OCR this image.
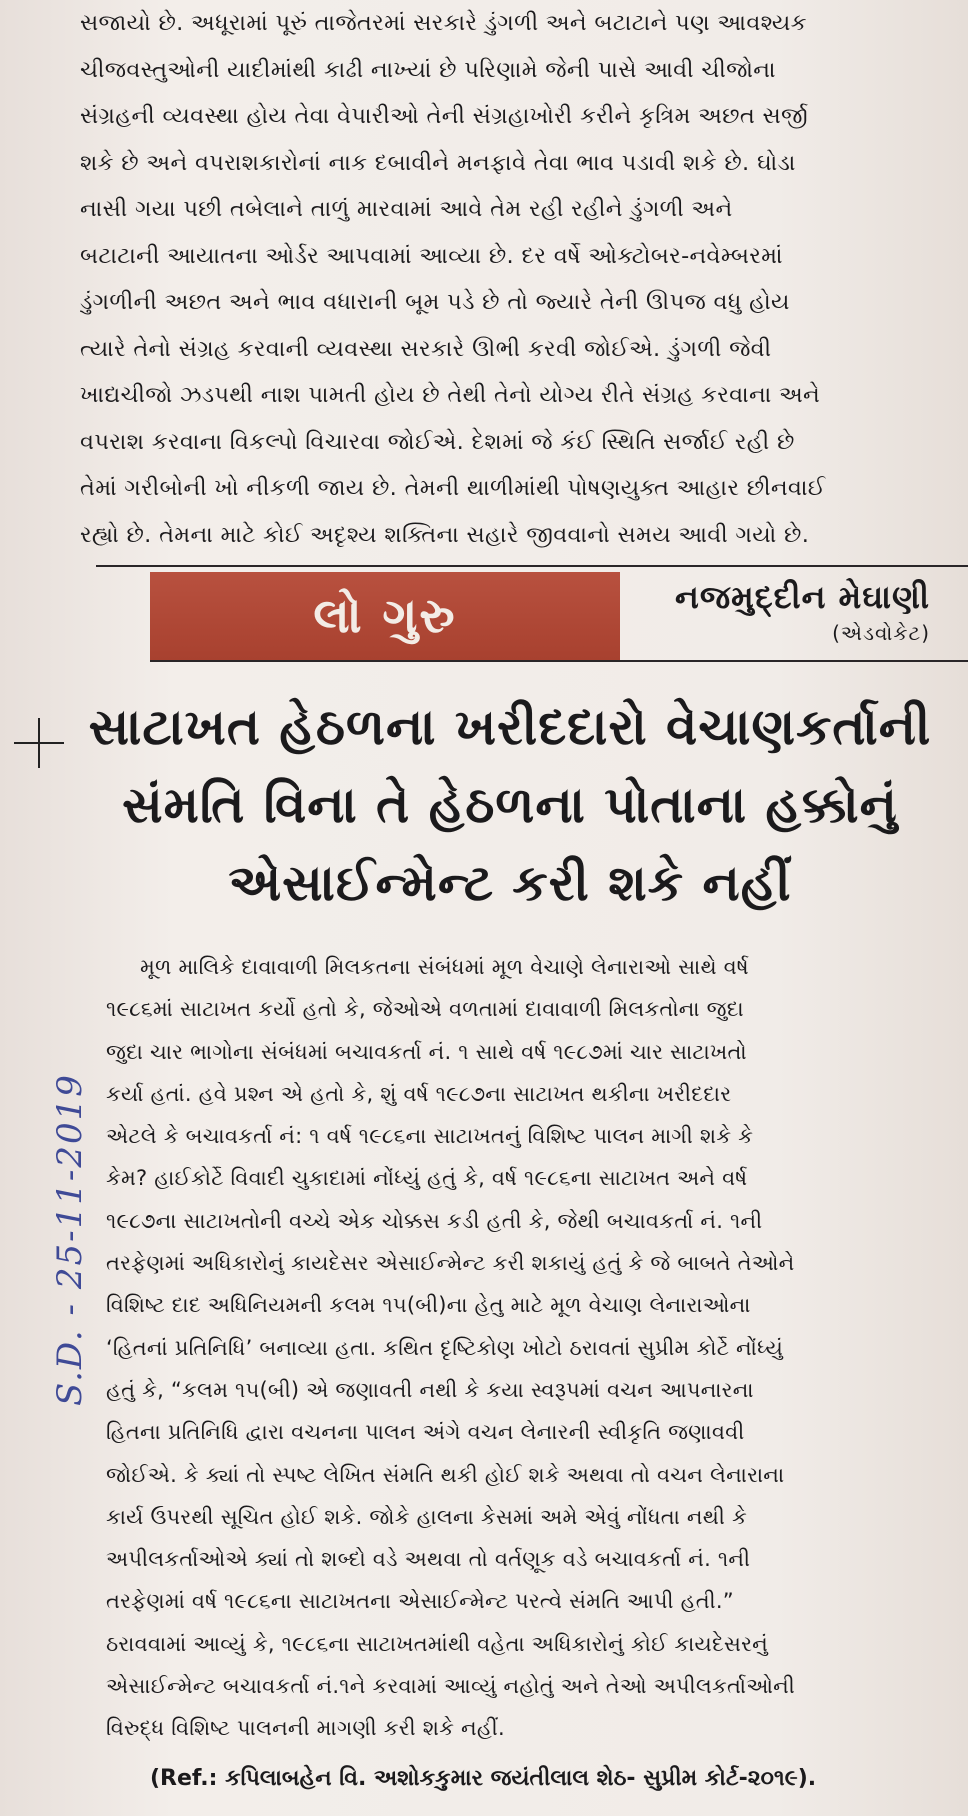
સજાયો છે. અધૂરામાં પૂરું તાજેતરમાં સરકારે ડુંગળી અને બટાટાને પણ આવશ્યક
ચીજવસ્તુઓની યાદીમાંથી કાઢી નાખ્યાં છે પરિણામે જેની પાસે આવી ચીજોના
સંગ્રહની વ્યવસ્થા હોય તેવા વેપારીઓ તેની સંગ્રહાખોરી કરીને કૃત્રિમ અછત સર્જી
શકે છે અને વપરાશકારોનાં નાક દબાવીને મનફાવે તેવા ભાવ પડાવી શકે છે. ઘોડા
નાસી ગયા પછી તબેલાને તાળું મારવામાં આવે તેમ રહી રહીને ડુંગળી અને
બટાટાની આયાતના ઓર્ડર આપવામાં આવ્યા છે. દર વર્ષે ઓક્ટોબર-નવેમ્બરમાં
ડુંગળીની અછત અને ભાવ વધારાની બૂમ પડે છે તો જ્યારે તેની ઊપજ વધુ હોય
ત્યારે તેનો સંગ્રહ કરવાની વ્યવસ્થા સરકારે ઊભી કરવી જોઈએ. ડુંગળી જેવી
ખાદ્યચીજો ઝડપથી નાશ પામતી હોય છે તેથી તેનો યોગ્ય રીતે સંગ્રહ કરવાના અને
વપરાશ કરવાના વિકલ્પો વિચારવા જોઈએ. દેશમાં જે કંઈ સ્થિતિ સર્જાઈ રહી છે
તેમાં ગરીબોની ખો નીકળી જાય છે. તેમની થાળીમાંથી પોષણયુક્ત આહાર છીનવાઈ
રહ્યો છે. તેમના માટે કોઈ અદૃશ્ય શક્તિના સહારે જીવવાનો સમય આવી ગયો છે.
લો ગુરુ	નજમુદ્દીન મેઘાણી
(એડવોકેટ)
સાટાખત હેઠળના ખરીદદારો વેચાણકર્તાની
સંમતિ વિના તે હેઠળના પોતાના હક્કોનું
એસાઈન્મેન્ટ કરી શકે નહીં
S.D. - 25-11-2019
મૂળ માલિકે દાવાવાળી મિલકતના સંબંધમાં મૂળ વેચાણે લેનારાઓ સાથે વર્ષ
૧૯૮૬માં સાટાખત કર્યો હતો કે, જેઓએ વળતામાં દાવાવાળી મિલકતોના જુદા
જુદા ચાર ભાગોના સંબંધમાં બચાવકર્તા નં. ૧ સાથે વર્ષ ૧૯૮૭માં ચાર સાટાખતો
કર્યા હતાં. હવે પ્રશ્ન એ હતો કે, શું વર્ષ ૧૯૮૭ના સાટાખત થકીના ખરીદદાર
એટલે કે બચાવકર્તા નં: ૧ વર્ષ ૧૯૮૬ના સાટાખતનું વિશિષ્ટ પાલન માગી શકે કે
કેમ? હાઈકોર્ટે વિવાદી ચુકાદામાં નોંધ્યું હતું કે, વર્ષ ૧૯૮૬ના સાટાખત અને વર્ષ
૧૯૮૭ના સાટાખતોની વચ્ચે એક ચોક્કસ કડી હતી કે, જેથી બચાવકર્તા નં. ૧ની
તરફેણમાં અધિકારોનું કાયદેસર એસાઈન્મેન્ટ કરી શકાયું હતું કે જે બાબતે તેઓને
વિશિષ્ટ દાદ અધિનિયમની કલમ ૧૫(બી)ના હેતુ માટે મૂળ વેચાણ લેનારાઓના
‘હિતનાં પ્રતિનિધિ’ બનાવ્યા હતા. કથિત દૃષ્ટિકોણ ખોટો ઠરાવતાં સુપ્રીમ કોર્ટે નોંધ્યું
હતું કે, “કલમ ૧૫(બી) એ જણાવતી નથી કે કયા સ્વરૂપમાં વચન આપનારના
હિતના પ્રતિનિધિ દ્વારા વચનના પાલન અંગે વચન લેનારની સ્વીકૃતિ જણાવવી
જોઈએ. કે ક્યાં તો સ્પષ્ટ લેખિત સંમતિ થકી હોઈ શકે અથવા તો વચન લેનારાના
કાર્ય ઉપરથી સૂચિત હોઈ શકે. જોકે હાલના કેસમાં અમે એવું નોંધતા નથી કે
અપીલકર્તાઓએ ક્યાં તો શબ્દો વડે અથવા તો વર્તણૂક વડે બચાવકર્તા નં. ૧ની
તરફેણમાં વર્ષ ૧૯૮૬ના સાટાખતના એસાઈન્મેન્ટ પરત્વે સંમતિ આપી હતી.”
ઠરાવવામાં આવ્યું કે, ૧૯૮૬ના સાટાખતમાંથી વહેતા અધિકારોનું કોઈ કાયદેસરનું
એસાઈન્મેન્ટ બચાવકર્તા નં.૧ને કરવામાં આવ્યું નહોતું અને તેઓ અપીલકર્તાઓની
વિરુદ્ધ વિશિષ્ટ પાલનની માગણી કરી શકે નહીં.
(Ref.: કપિલાબહેન વિ. અશોકકુમાર જયંતીલાલ શેઠ- સુપ્રીમ કોર્ટ-૨૦૧૯).
